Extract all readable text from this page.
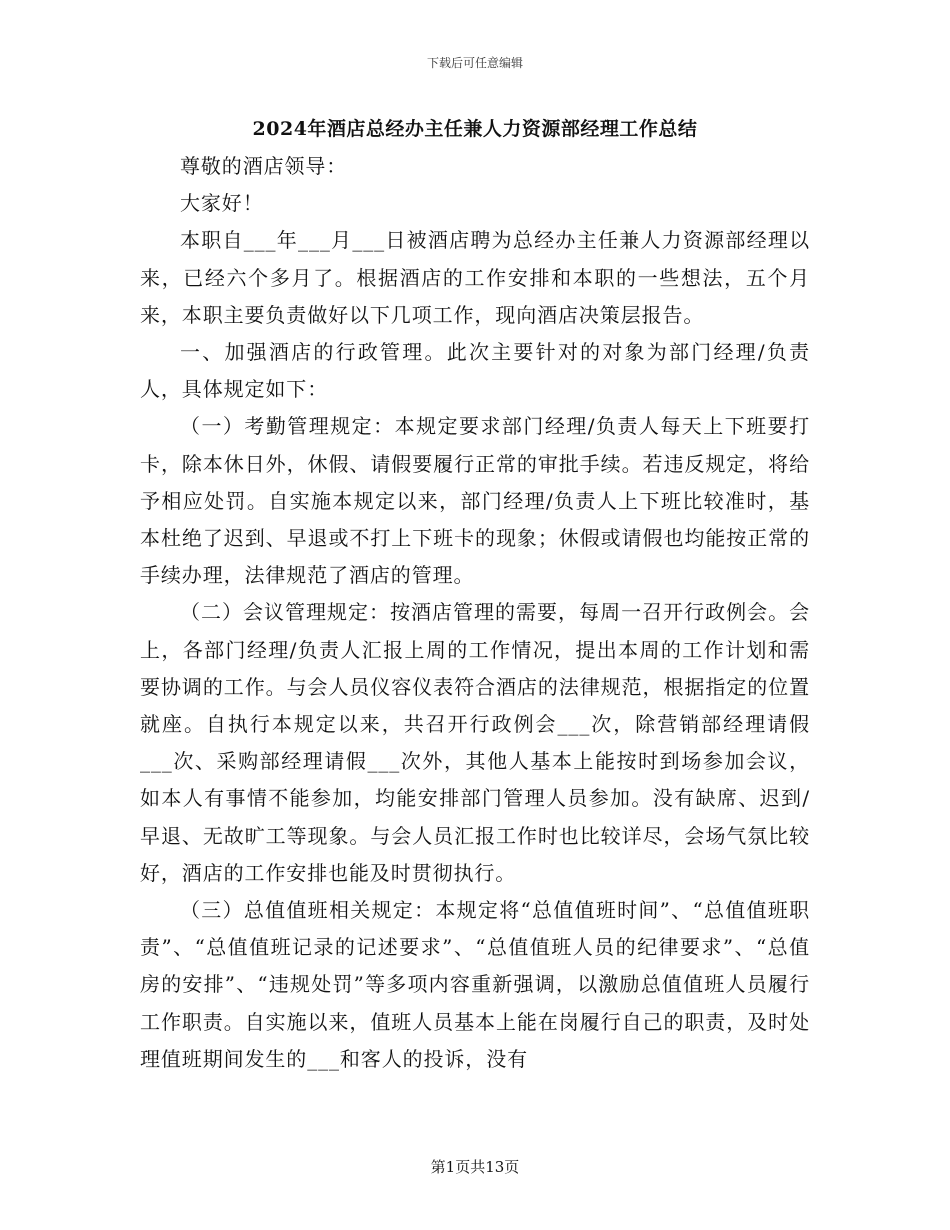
下载后可任意编辑
2024年酒店总经办主任兼人力资源部经理工作总结

尊敬的酒店领导：

大家好！

本职自___年___月___日被酒店聘为总经办主任兼人力资源部经理以来，已经六个多月了。根据酒店的工作安排和本职的一些想法，五个月来，本职主要负责做好以下几项工作，现向酒店决策层报告。

一、加强酒店的行政管理。此次主要针对的对象为部门经理/负责人，具体规定如下：

（一）考勤管理规定：本规定要求部门经理/负责人每天上下班要打卡，除本休日外，休假、请假要履行正常的审批手续。若违反规定，将给予相应处罚。自实施本规定以来，部门经理/负责人上下班比较准时，基本杜绝了迟到、早退或不打上下班卡的现象；休假或请假也均能按正常的手续办理，法律规范了酒店的管理。

（二）会议管理规定：按酒店管理的需要，每周一召开行政例会。会上，各部门经理/负责人汇报上周的工作情况，提出本周的工作计划和需要协调的工作。与会人员仪容仪表符合酒店的法律规范，根据指定的位置就座。自执行本规定以来，共召开行政例会___次，除营销部经理请假___次、采购部经理请假___次外，其他人基本上能按时到场参加会议，如本人有事情不能参加，均能安排部门管理人员参加。没有缺席、迟到/早退、无故旷工等现象。与会人员汇报工作时也比较详尽，会场气氛比较好，酒店的工作安排也能及时贯彻执行。

（三）总值值班相关规定：本规定将“总值值班时间”、“总值值班职责”、“总值值班记录的记述要求”、“总值值班人员的纪律要求”、“总值房的安排”、“违规处罚”等多项内容重新强调，以激励总值值班人员履行工作职责。自实施以来，值班人员基本上能在岗履行自己的职责，及时处理值班期间发生的___和客人的投诉，没有

第1页共13页
